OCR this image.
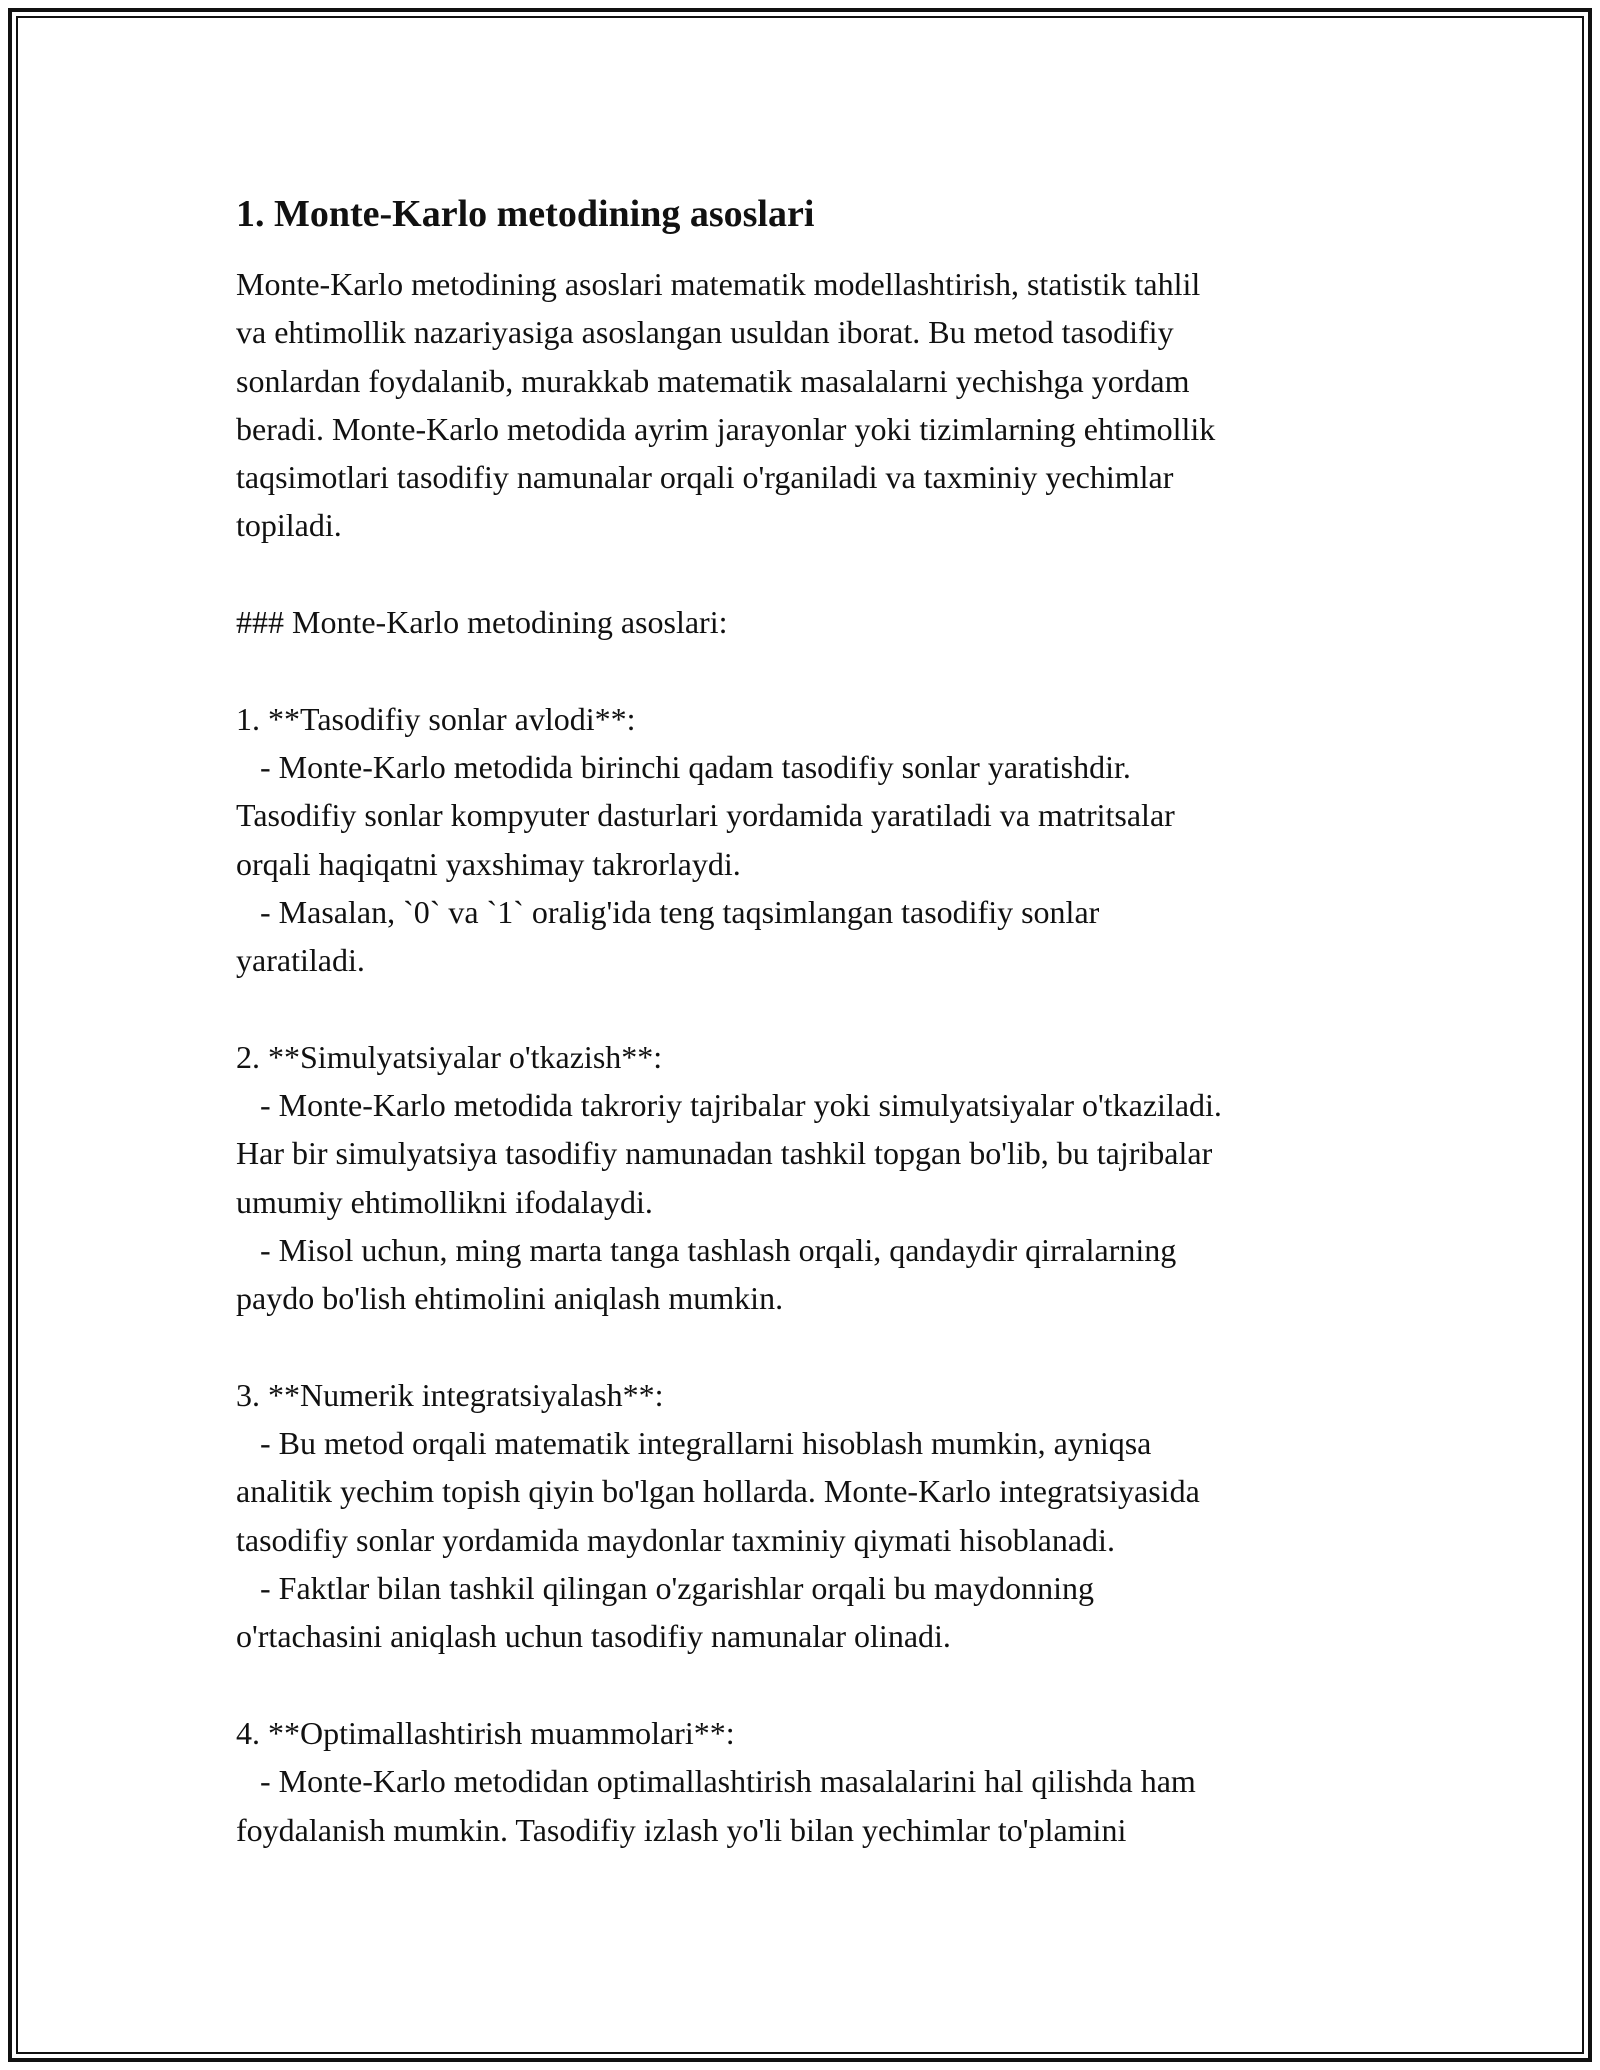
1. Monte-Karlo metodining asoslari
Monte-Karlo metodining asoslari matematik modellashtirish, statistik tahlil
va ehtimollik nazariyasiga asoslangan usuldan iborat. Bu metod tasodifiy
sonlardan foydalanib, murakkab matematik masalalarni yechishga yordam
beradi. Monte-Karlo metodida ayrim jarayonlar yoki tizimlarning ehtimollik
taqsimotlari tasodifiy namunalar orqali o'rganiladi va taxminiy yechimlar
topiladi.
### Monte-Karlo metodining asoslari:
1. **Tasodifiy sonlar avlodi**:
- Monte-Karlo metodida birinchi qadam tasodifiy sonlar yaratishdir.
Tasodifiy sonlar kompyuter dasturlari yordamida yaratiladi va matritsalar
orqali haqiqatni yaxshimay takrorlaydi.
- Masalan, `0` va `1` oralig'ida teng taqsimlangan tasodifiy sonlar
yaratiladi.
2. **Simulyatsiyalar o'tkazish**:
- Monte-Karlo metodida takroriy tajribalar yoki simulyatsiyalar o'tkaziladi.
Har bir simulyatsiya tasodifiy namunadan tashkil topgan bo'lib, bu tajribalar
umumiy ehtimollikni ifodalaydi.
- Misol uchun, ming marta tanga tashlash orqali, qandaydir qirralarning
paydo bo'lish ehtimolini aniqlash mumkin.
3. **Numerik integratsiyalash**:
- Bu metod orqali matematik integrallarni hisoblash mumkin, ayniqsa
analitik yechim topish qiyin bo'lgan hollarda. Monte-Karlo integratsiyasida
tasodifiy sonlar yordamida maydonlar taxminiy qiymati hisoblanadi.
- Faktlar bilan tashkil qilingan o'zgarishlar orqali bu maydonning
o'rtachasini aniqlash uchun tasodifiy namunalar olinadi.
4. **Optimallashtirish muammolari**:
- Monte-Karlo metodidan optimallashtirish masalalarini hal qilishda ham
foydalanish mumkin. Tasodifiy izlash yo'li bilan yechimlar to'plamini
